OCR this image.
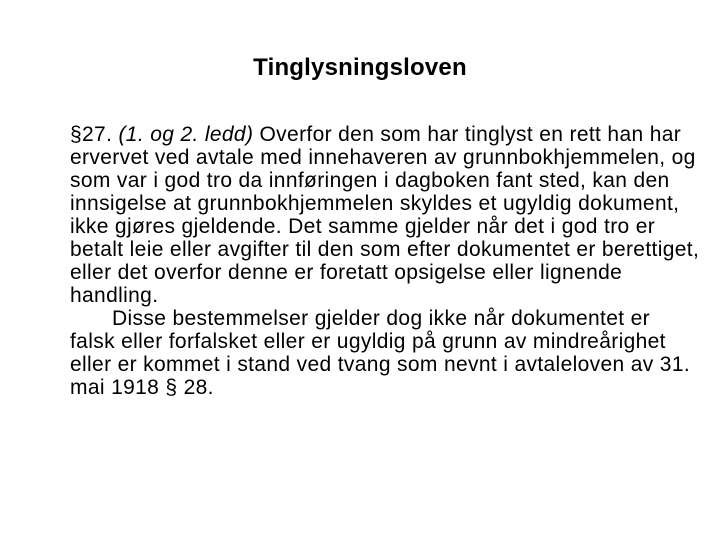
Tinglysningsloven

§27. (1. og 2. ledd) Overfor den som har tinglyst en rett han har ervervet ved avtale med innehaveren av grunnbokhjemmelen, og som var i god tro da innføringen i dagboken fant sted, kan den innsigelse at grunnbokhjemmelen skyldes et ugyldig dokument, ikke gjøres gjeldende. Det samme gjelder når det i god tro er betalt leie eller avgifter til den som efter dokumentet er berettiget, eller det overfor denne er foretatt opsigelse eller lignende handling.

Disse bestemmelser gjelder dog ikke når dokumentet er falsk eller forfalsket eller er ugyldig på grunn av mindreårighet eller er kommet i stand ved tvang som nevnt i avtaleloven av 31. mai 1918 § 28.
